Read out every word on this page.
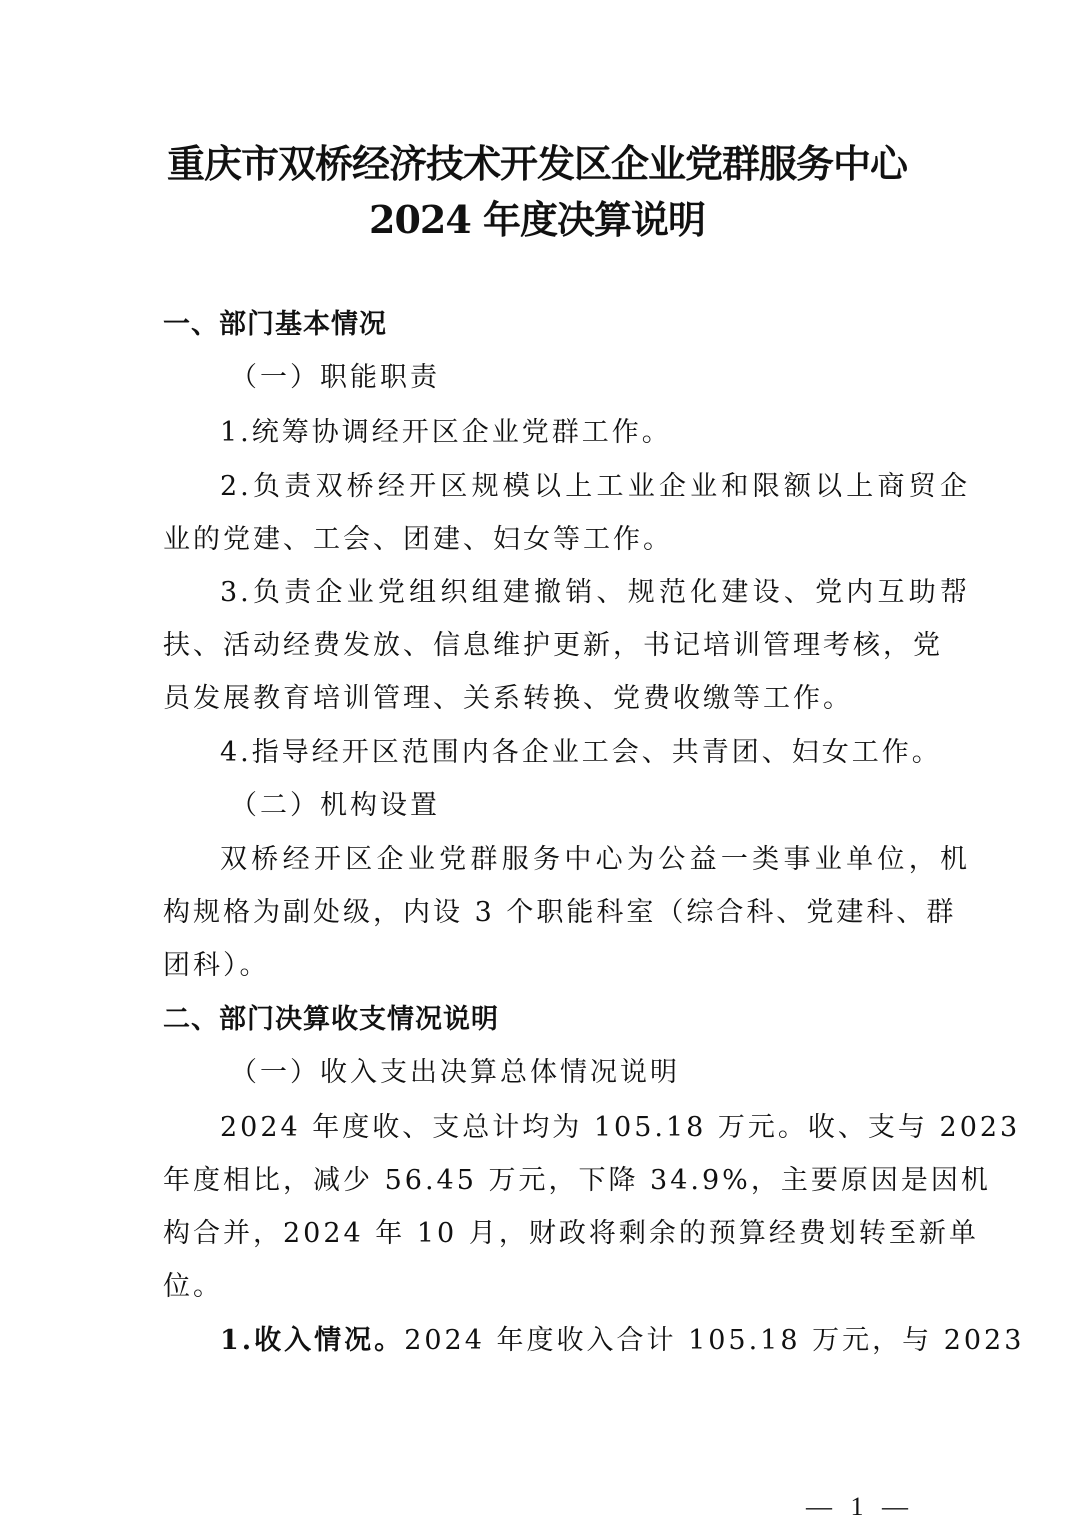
重庆市双桥经济技术开发区企业党群服务中心
2024 年度决算说明
一、部门基本情况
（一）职能职责
1.统筹协调经开区企业党群工作。
2.负责双桥经开区规模以上工业企业和限额以上商贸企
业的党建、工会、团建、妇女等工作。
3.负责企业党组织组建撤销、规范化建设、党内互助帮
扶、活动经费发放、信息维护更新，书记培训管理考核，党
员发展教育培训管理、关系转换、党费收缴等工作。
4.指导经开区范围内各企业工会、共青团、妇女工作。
（二）机构设置
双桥经开区企业党群服务中心为公益一类事业单位，机
构规格为副处级，内设 3 个职能科室（综合科、党建科、群
团科）。
二、部门决算收支情况说明
（一）收入支出决算总体情况说明
2024 年度收、支总计均为 105.18 万元。收、支与 2023
年度相比，减少 56.45 万元，下降 34.9%，主要原因是因机
构合并，2024 年 10 月，财政将剩余的预算经费划转至新单
位。
1.收入情况。2024 年度收入合计 105.18 万元，与 2023
— 1 —
